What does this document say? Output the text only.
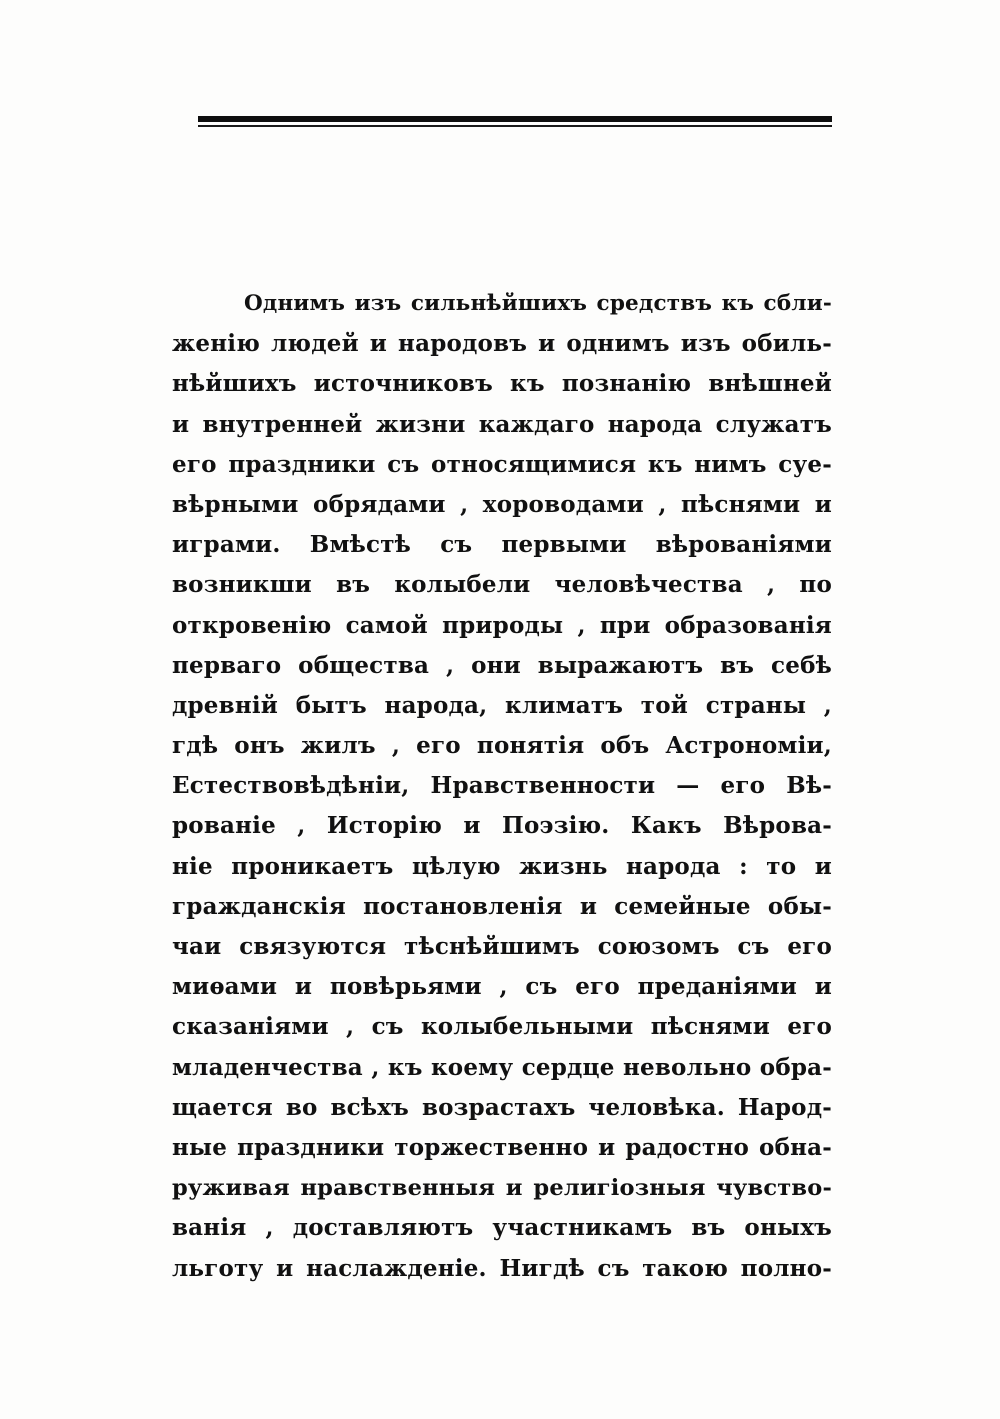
Однимъ изъ сильнѣйшихъ средствъ къ сбли-
женію людей и народовъ и однимъ изъ обиль-
нѣйшихъ источниковъ къ познанію внѣшней
и внутренней жизни каждаго народа служатъ
его праздники съ относящимися къ нимъ суе-
вѣрными обрядами , хороводами , пѣснями и
играми. Вмѣстѣ съ первыми вѣрованіями
возникши въ колыбели человѣчества , по
откровенію самой природы , при образованія
перваго общества , они выражаютъ въ себѣ
древній бытъ народа, климатъ той страны ,
гдѣ онъ жилъ , его понятія объ Астрономіи,
Естествовѣдѣніи, Нравственности — его Вѣ-
рованіе , Исторію и Поэзію. Какъ Вѣрова-
ніе проникаетъ цѣлую жизнь народа : то и
гражданскія постановленія и семейные обы-
чаи связуются тѣснѣйшимъ союзомъ съ его
миѳами и повѣрьями , съ его преданіями и
сказаніями , съ колыбельными пѣснями его
младенчества , къ коему сердце невольно обра-
щается во всѣхъ возрастахъ человѣка. Народ-
ные праздники торжественно и радостно обна-
руживая нравственныя и религіозныя чувство-
ванія , доставляютъ участникамъ въ оныхъ
льготу и наслажденіе. Нигдѣ съ такою полно-
